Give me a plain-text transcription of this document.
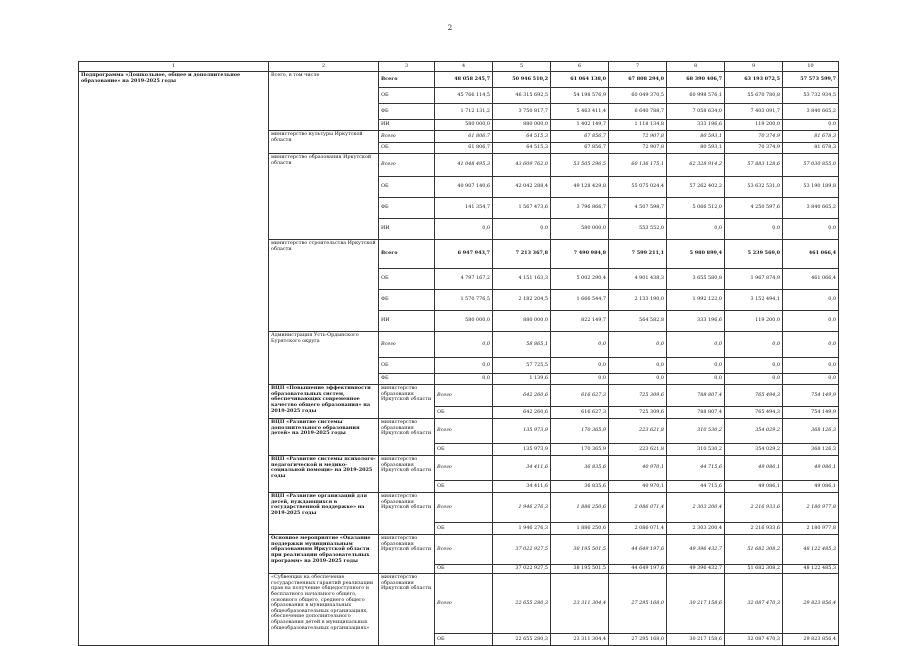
2
1	2	3	4	5	6	7	8	9	10	
Подпрограмма «Дошкольное, общее и дополнительное образование» на 2019-2025 годы	Всего, в том числе	Всего	48 058 245,7	50 946 510,2	61 064 138,0	67 808 294,0	68 390 406,7	63 193 072,5	57 573 599,7	
		ОБ	45 766 114,5	46 315 692,5	54 198 576,9	60 049 370,5	60 998 576,1	55 670 780,8	53 732 934,5	
		ФБ	1 712 131,2	3 750 817,7	5 463 411,4	6 640 788,7	7 058 634,0	7 403 091,7	3 840 665,2	
		ИИ	580 000,0	880 000,0	1 402 149,7	1 118 134,8	333 196,6	119 200,0	0,0	
	министерство культуры Иркутской области	Всего	61 806,7	64 515,3	67 856,7	72 907,8	80 593,1	70 374,9	81 678,3	
		ОБ	61 806,7	64 515,3	67 856,7	72 907,8	80 593,1	70 374,9	81 678,3	
	министерство образования Иркутской области	Всего	41 048 495,3	43 609 762,0	53 505 296,5	60 136 175,1	62 328 914,2	57 883 128,6	57 030 855,0	
		ОБ	40 907 140,6	42 042 288,4	49 128 429,8	55 075 024,4	57 262 402,2	53 632 531,0	53 190 189,8	
		ФБ	141 354,7	1 567 473,6	3 796 866,7	4 507 598,7	5 066 512,0	4 250 597,6	3 840 665,2	
		ИИ	0,0	0,0	580 000,0	553 552,0	0,0	0,0	0,0	
	министерство строительства Иркутской области	Всего	6 947 943,7	7 213 367,8	7 490 984,8	7 599 211,1	5 980 899,4	5 239 569,0	461 066,4	
		ОБ	4 797 167,2	4 151 163,3	5 002 290,4	4 901 438,3	3 655 580,8	1 967 874,9	461 066,4	
		ФБ	1 570 776,5	2 182 204,5	1 666 544,7	2 133 190,0	1 992 122,0	3 152 494,1	0,0	
		ИИ	580 000,0	880 000,0	822 149,7	564 582,8	333 196,6	119 200,0	0,0	
	Администрация Усть-Ордынского Бурятского округа	Всего	0,0	58 865,1	0,0	0,0	0,0	0,0	0,0	
		ОБ	0,0	57 725,5	0,0	0,0	0,0	0,0	0,0	
		ФБ	0,0	1 139,6	0,0	0,0	0,0	0,0	0,0	
	ВЦП «Повышение эффективности образовательных систем, обеспечивающих современное качество общего образования» на 2019-2025 годы	министерство образования Иркутской области	Всего	642 260,6	616 627,3	725 309,6	788 807,4	765 494,3	754 149,9	
			ОБ	642 260,6	616 627,3	725 309,6	788 807,4	765 494,3	754 149,9	
	ВЦП «Развитие системы дополнительного образования детей» на 2019-2025 годы	министерство образования Иркутской области	Всего	135 973,9	170 365,9	223 621,8	310 530,2	354 029,2	368 126,3	
			ОБ	135 973,9	170 365,9	223 621,8	310 530,2	354 029,2	368 126,3	
	ВЦП «Развитие системы психолого-педагогической и медико-социальной помощи» на 2019-2025 годы	министерство образования Иркутской области	Всего	34 411,6	36 835,6	40 970,1	44 715,6	49 086,1	49 086,1	
			ОБ	34 411,6	36 835,6	40 970,1	44 715,6	49 086,1	49 086,1	
	ВЦП «Развитие организаций для детей, нуждающихся в государственной поддержке» на 2019-2025 годы	министерство образования Иркутской области	Всего	1 946 276,3	1 886 250,6	2 086 071,4	2 303 200,4	2 216 933,6	2 180 977,8	
			ОБ	1 946 276,3	1 886 250,6	2 086 071,4	2 303 200,4	2 216 933,6	2 180 977,8	
	Основное мероприятие «Оказание поддержки муниципальным образованиям Иркутской области при реализации образовательных программ» на 2019-2025 годы	министерство образования Иркутской области	Всего	37 022 927,5	38 195 501,5	44 649 197,6	49 396 432,7	51 682 308,2	48 122 485,3	
			ОБ	37 022 927,5	38 195 501,5	44 649 197,6	49 396 432,7	51 682 308,2	48 122 485,3	
	«Субвенция на обеспечение государственных гарантий реализации прав на получение общедоступного и бесплатного начального общего, основного общего, среднего общего образования в муниципальных общеобразовательных организациях, обеспечение дополнительного образования детей в муниципальных общеобразовательных организациях»	министерство образования Иркутской области	Всего	22 655 280,3	23 311 304,4	27 295 168,0	30 217 158,6	32 087 470,3	29 823 856,4	
			ОБ	22 655 280,3	23 311 304,4	27 295 168,0	30 217 158,6	32 087 470,3	29 823 856,4	
